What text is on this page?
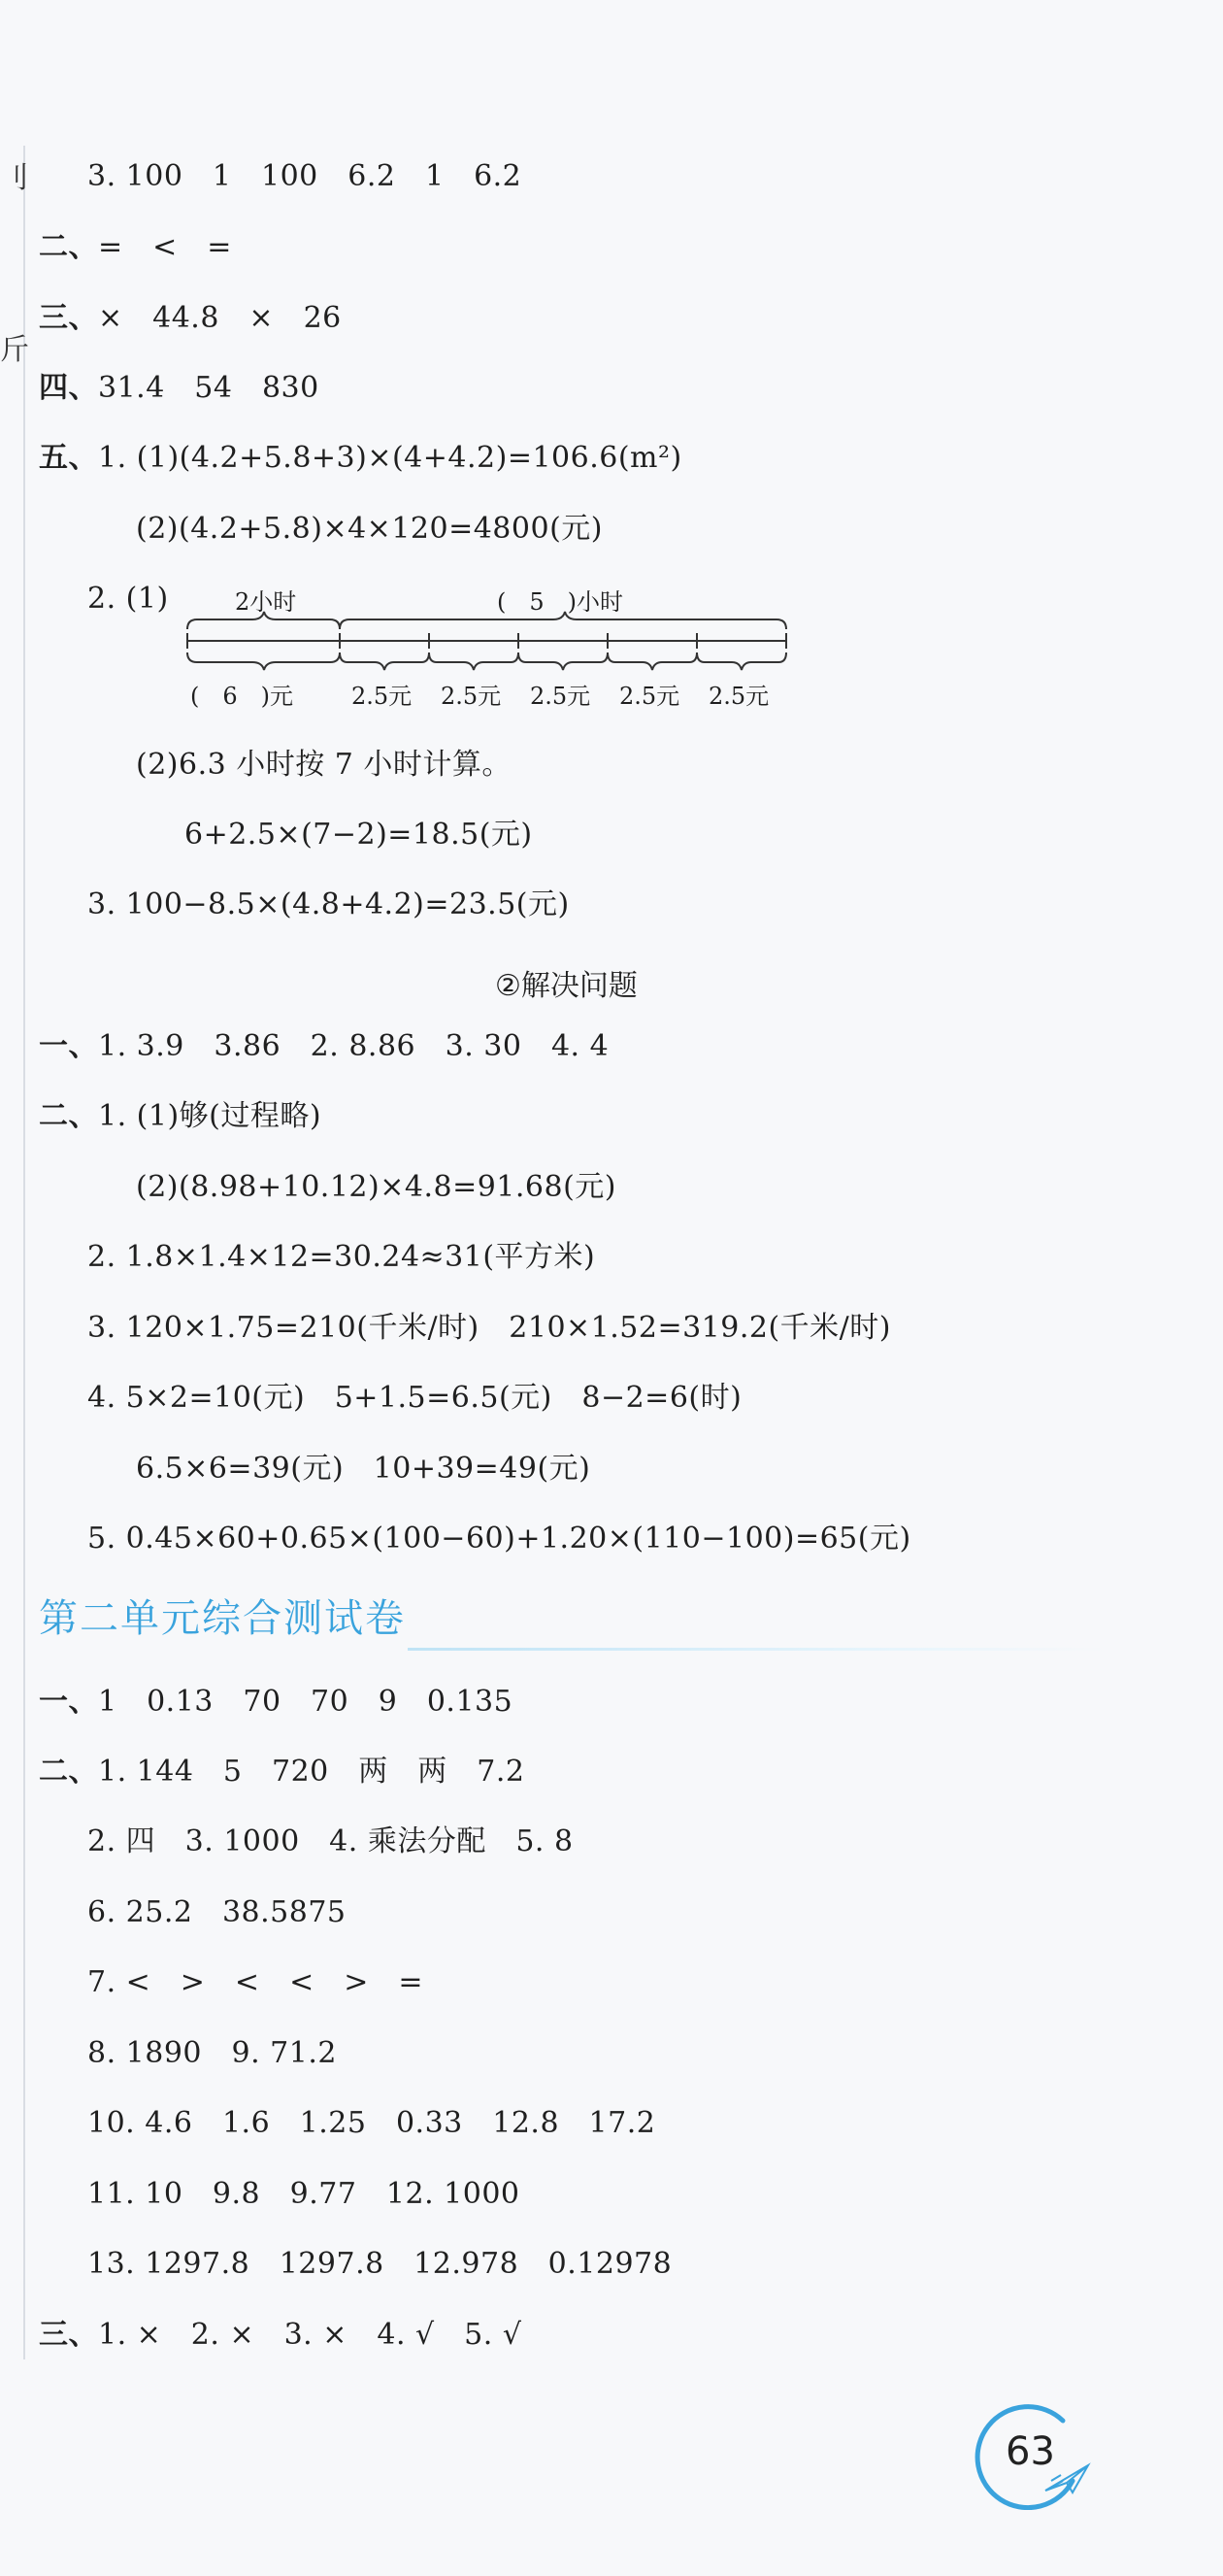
刂
斤
3. 100　1　100　6.2　1　6.2
二、=　<　=
三、×　44.8　×　26
四、31.4　54　830
五、1. (1)(4.2+5.8+3)×(4+4.2)=106.6(m²)
(2)(4.2+5.8)×4×120=4800(元)
2. (1)	2小时	(　5　)小时
(　6　)元	2.5元 2.5元 2.5元 2.5元 2.5元
(2)6.3 小时按 7 小时计算。
6+2.5×(7−2)=18.5(元)
3. 100−8.5×(4.8+4.2)=23.5(元)
②解决问题
一、1. 3.9　3.86　2. 8.86　3. 30　4. 4
二、1. (1)够(过程略)
(2)(8.98+10.12)×4.8=91.68(元)
2. 1.8×1.4×12=30.24≈31(平方米)
3. 120×1.75=210(千米/时)　210×1.52=319.2(千米/时)
4. 5×2=10(元)　5+1.5=6.5(元)　8−2=6(时)
6.5×6=39(元)　10+39=49(元)
5. 0.45×60+0.65×(100−60)+1.20×(110−100)=65(元)
第二单元综合测试卷
一、1　0.13　70　70　9　0.135
二、1. 144　5　720　两　两　7.2
2. 四　3. 1000　4. 乘法分配　5. 8
6. 25.2　38.5875
7. <　>　<　<　>　=
8. 1890　9. 71.2
10. 4.6　1.6　1.25　0.33　12.8　17.2
11. 10　9.8　9.77　12. 1000
13. 1297.8　1297.8　12.978　0.12978
三、1. ×　2. ×　3. ×　4. √　5. √
63
